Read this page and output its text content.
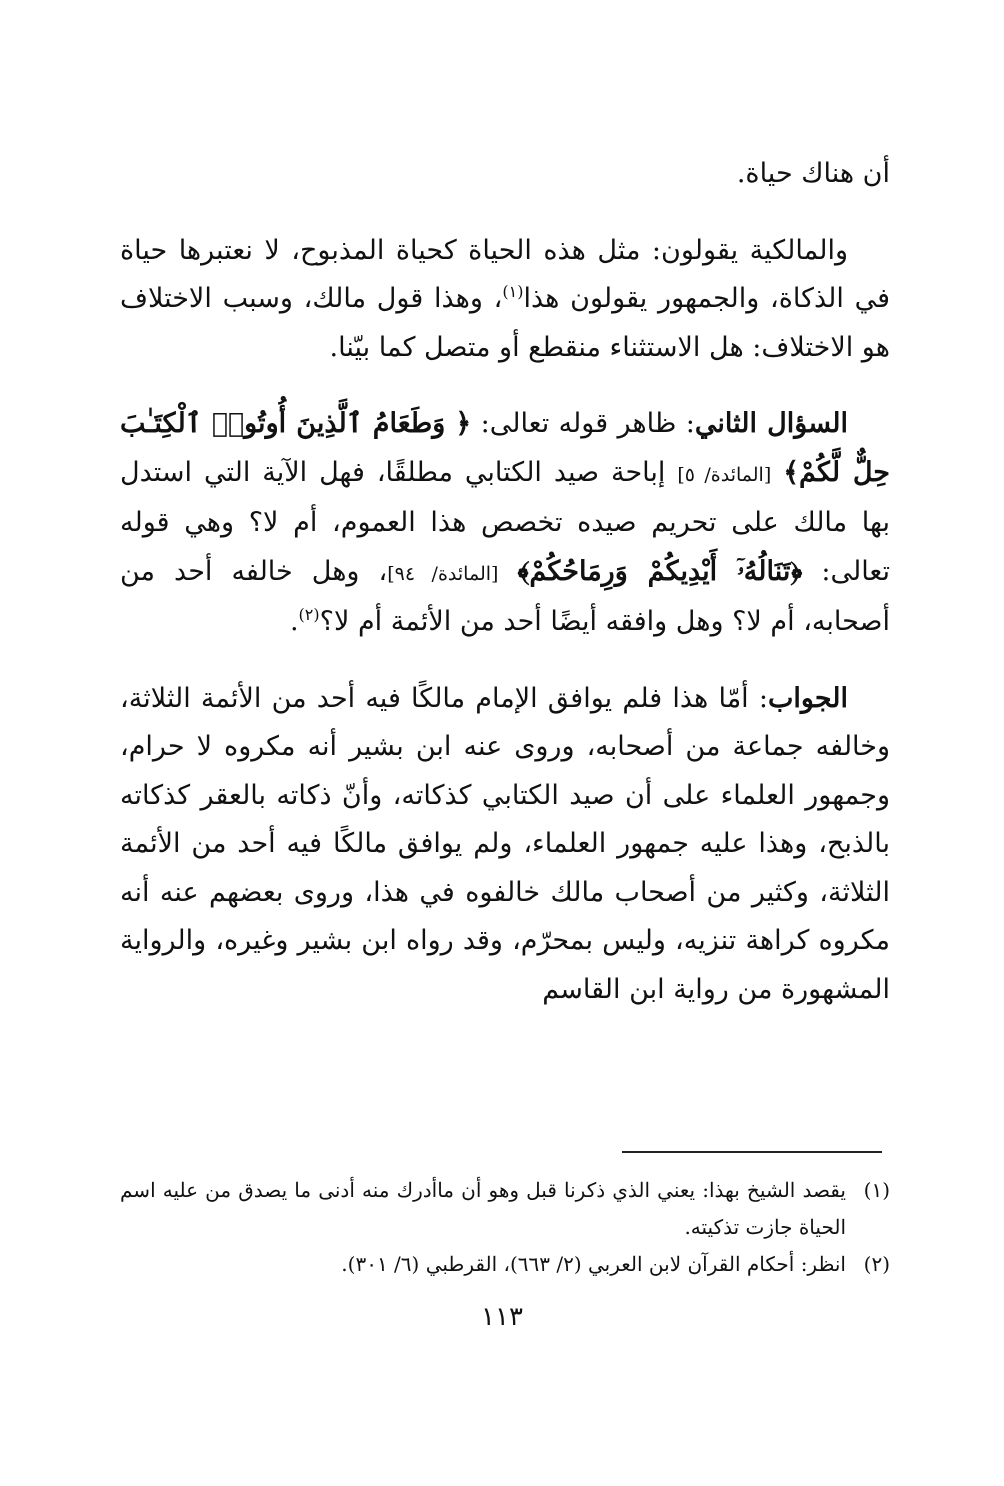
أن هناك حياة.

والمالكية يقولون: مثل هذه الحياة كحياة المذبوح، لا نعتبرها حياة في الذكاة، والجمهور يقولون هذا$^{(١)}$، وهذا قول مالك، وسبب الاختلاف هو الاختلاف: هل الاستثناء منقطع أو متصل كما بيّنا.

السؤال الثاني: ظاهر قوله تعالى: ﴿ وَطَعَامُ ٱلَّذِينَ أُوتُوا۟ ٱلْكِتَـٰبَ حِلٌّ لَّكُمْ﴾ [المائدة/ ٥] إباحة صيد الكتابي مطلقًا، فهل الآية التي استدل بها مالك على تحريم صيده تخصص هذا العموم، أم لا؟ وهي قوله تعالى: ﴿تَنَالُهُۥٓ أَيْدِيكُمْ وَرِمَاحُكُمْ﴾ [المائدة/ ٩٤]، وهل خالفه أحد من أصحابه، أم لا؟ وهل وافقه أيضًا أحد من الأئمة أم لا؟$^{(٢)}$.

الجواب: أمّا هذا فلم يوافق الإمام مالكًا فيه أحد من الأئمة الثلاثة، وخالفه جماعة من أصحابه، وروى عنه ابن بشير أنه مكروه لا حرام، وجمهور العلماء على أن صيد الكتابي كذكاته، وأنّ ذكاته بالعقر كذكاته بالذبح، وهذا عليه جمهور العلماء، ولم يوافق مالكًا فيه أحد من الأئمة الثلاثة، وكثير من أصحاب مالك خالفوه في هذا، وروى بعضهم عنه أنه مكروه كراهة تنزيه، وليس بمحرّم، وقد رواه ابن بشير وغيره، والرواية المشهورة من رواية ابن القاسم

(١)
يقصد الشيخ بهذا: يعني الذي ذكرنا قبل وهو أن ماأدرك منه أدنى ما يصدق من عليه اسم الحياة جازت تذكيته.

(٢)
انظر: أحكام القرآن لابن العربي (٢/ ٦٦٣)، القرطبي (٦/ ٣٠١).

١١٣
